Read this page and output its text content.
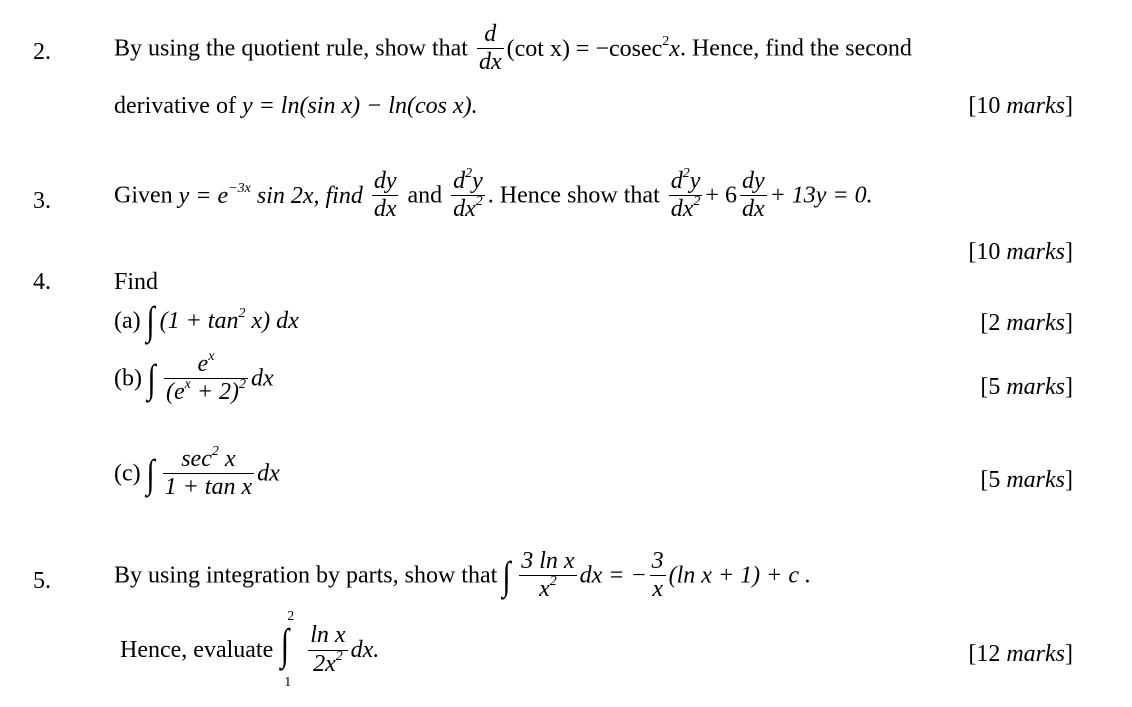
2.	By using the quotient rule, show that $\frac{d}{dx} (\cot$ x) = −cosec$^2$x. Hence, find the second
derivative of y = ln(sin x) − ln(cos x).	[10 marks]
3.	Given $y = e^{-3x}$ sin 2x, find $\frac{dy}{dx}$ and $\frac{d^2y}{dx^2}$ . Hence show that $\frac{d^2y}{dx^2} + 6 \frac{dy}{dx} + 13y = 0$.
[10 marks]
4.	Find
(a) ∫ $(1 + \tan^2 x)$ dx	[2 marks]
(b) ∫ $\frac{e^x}{(e^x + 2)^2}$ dx	[5 marks]
(c) ∫ $\frac{\sec^2 x}{\text{1 + tan x}}$ dx	[5 marks]
5.	By using integration by parts, show that ∫ $\frac{\text{3 ln x}}{x^2}$ dx = − $\frac{3}{x} (\ln$ x + 1) + c .
Hence, evaluate ∫
2
1

$\frac{\text{ln x}}{2x^2}$ dx.	[12 marks]
